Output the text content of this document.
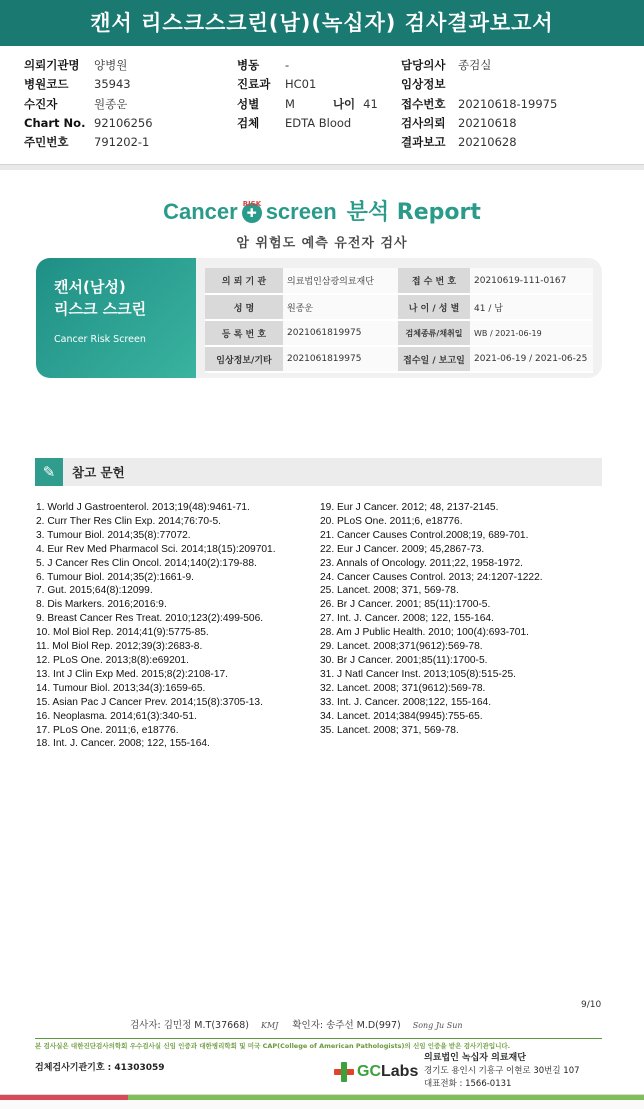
캔서 리스크스크린(남)(녹십자) 검사결과보고서
의뢰기관명	양병원
병원코드	35943
수진자	원종운
Chart No. 92106256
주민번호	791202-1
병동	-
진료과	HC01
성별	M	나이 41
검체	EDTA Blood
담당의사	종검실
임상정보
접수번호	20210618-19975
검사의뢰	20210618
결과보고	20210628
Cancer RISK
✚ screen 분석 Report
암 위험도 예측 유전자 검사
캔서(남성)
리스크 스크린
Cancer Risk Screen
의 뢰 기 관	의료법인삼광의료재단	접 수 번 호	20210619-111-0167
성 명	원종운	나 이 / 성 별	41 / 남
등 록 번 호	2021061819975	검체종류/채취일	WB / 2021-06-19
임상정보/기타	2021061819975	접수일 / 보고일	2021-06-19 / 2021-06-25
✎	참고 문헌
1. World J Gastroenterol. 2013;19(48):9461-71.
2. Curr Ther Res Clin Exp. 2014;76:70-5.
3. Tumour Biol. 2014;35(8):77072.
4. Eur Rev Med Pharmacol Sci. 2014;18(15):209701.
5. J Cancer Res Clin Oncol. 2014;140(2):179-88.
6. Tumour Biol. 2014;35(2):1661-9.
7. Gut. 2015;64(8):12099.
8. Dis Markers. 2016;2016:9.
9. Breast Cancer Res Treat. 2010;123(2):499-506.
10. Mol Biol Rep. 2014;41(9):5775-85.
11. Mol Biol Rep. 2012;39(3):2683-8.
12. PLoS One. 2013;8(8):e69201.
13. Int J Clin Exp Med. 2015;8(2):2108-17.
14. Tumour Biol. 2013;34(3):1659-65.
15. Asian Pac J Cancer Prev. 2014;15(8):3705-13.
16. Neoplasma. 2014;61(3):340-51.
17. PLoS One. 2011;6, e18776.
18. Int. J. Cancer. 2008; 122, 155-164.
19. Eur J Cancer. 2012; 48, 2137-2145.
20. PLoS One. 2011;6, e18776.
21. Cancer Causes Control.2008;19, 689-701.
22. Eur J Cancer. 2009; 45,2867-73.
23. Annals of Oncology. 2011;22, 1958-1972.
24. Cancer Causes Control. 2013; 24:1207-1222.
25. Lancet. 2008; 371, 569-78.
26. Br J Cancer. 2001; 85(11):1700-5.
27. Int. J. Cancer. 2008; 122, 155-164.
28. Am J Public Health. 2010; 100(4):693-701.
29. Lancet. 2008;371(9612):569-78.
30. Br J Cancer. 2001;85(11):1700-5.
31. J Natl Cancer Inst. 2013;105(8):515-25.
32. Lancet. 2008; 371(9612):569-78.
33. Int. J. Cancer. 2008;122, 155-164.
34. Lancet. 2014;384(9945):755-65.
35. Lancet. 2008; 371, 569-78.
9/10
검사자: 김민정 M.T(37668) KMJ 확인자: 송주선 M.D(997) Song Ju Sun
본 검사실은 대한진단검사의학회 우수검사실 신임 인증과 대한병리학회 및 미국 CAP(College of American Pathologists)의 신임 인증을 받은 검사기관입니다.
검체검사기관기호 : 41303059	GCLabs
의료법인 녹십자 의료재단
경기도 용인시 기흥구 이현로 30번길 107
대표전화 : 1566-0131
